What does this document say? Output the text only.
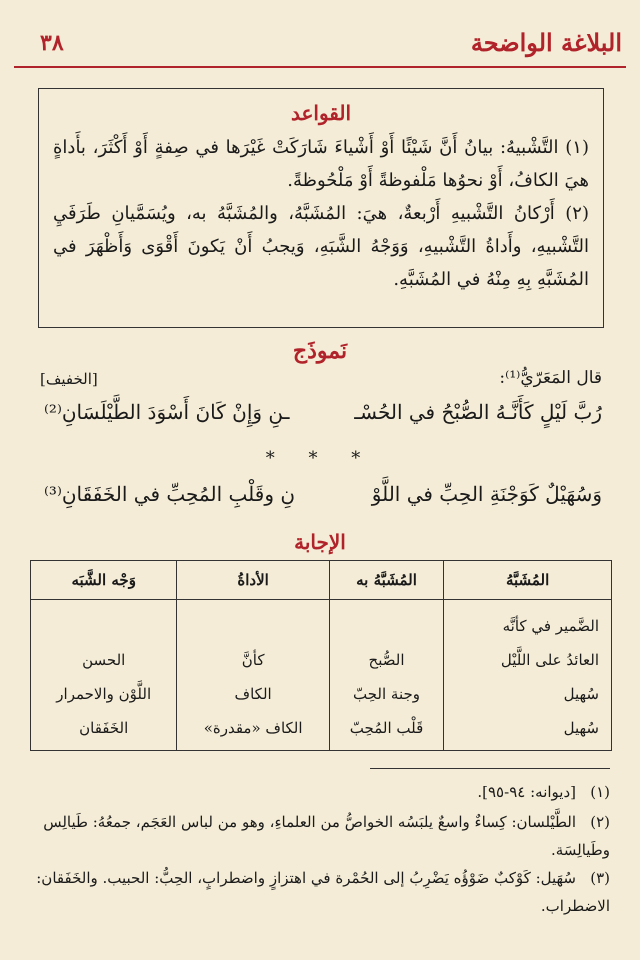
البلاغة الواضحة
٣٨
القواعد
(١) التَّشْبيهُ: بيانُ أَنَّ شَيْئًا أَوْ أَشْياءَ شَارَكَتْ غَيْرَها في صِفةٍ أَوْ أَكْثَرَ، بأَداةٍ هيَ الكافُ، أَوْ نحوُها مَلْفوظةً أَوْ مَلْحُوظةً.
(٢) أَرْكانُ التَّشْبيهِ أَرْبعةٌ، هيَ: المُشَبَّهُ، والمُشَبَّهُ به، ويُسَمَّيانِ طَرَفَيِ التَّشْبيهِ، وأَداةُ التَّشْبيهِ، وَوَجْهُ الشَّبَهِ، وَيجبُ أَنْ يَكونَ أَقْوَى وَأَظْهَرَ في المُشَبَّهِ بِهِ مِنْهُ في المُشَبَّهِ.
نَموذَج
قال المَعَرّيُّ⁽¹⁾:
[الخفيف]
رُبَّ لَيْلٍ كَأَنَّـهُ الصُّبْحُ في الحُسْـ
ـنِ وَإِنْ كَانَ أَسْوَدَ الطَّيْلَسَانِ⁽²⁾
* * *
وَسُهَيْلٌ كَوَجْنَةِ الحِبِّ في اللَّوْ
نِ وقَلْبِ المُحِبِّ في الخَفَقَانِ⁽³⁾
الإجابة
المُشَبَّهُ	المُشَبَّهُ به	الأداةُ	وَجْه الشَّبَه
الضَّمير في كأنَّه			
العائدُ على اللَّيْل	الصُّبح	كأنَّ	الحسن
سُهيل	وجنة الحِبّ	الكاف	اللَّوْن والاحمرار
سُهيل	قَلْب المُحِبّ	الكاف «مقدرة»	الخَفَقان
(١)[ديوانه: ٩٤-٩٥].
(٢)الطَّيْلسان: كِساءٌ واسعٌ يلبَسُه الخواصُّ من العلماءِ، وهو من لباس العَجَم، جمعُهُ: طَيالِس وطَيالِسَة.
(٣)سُهَيل: كَوْكبٌ ضَوْؤُه يَضْرِبُ إلى الحُمْرة في اهتزازٍ واضطرابٍ، الحِبُّ: الحبيب. والخَفَقان: الاضطراب.
